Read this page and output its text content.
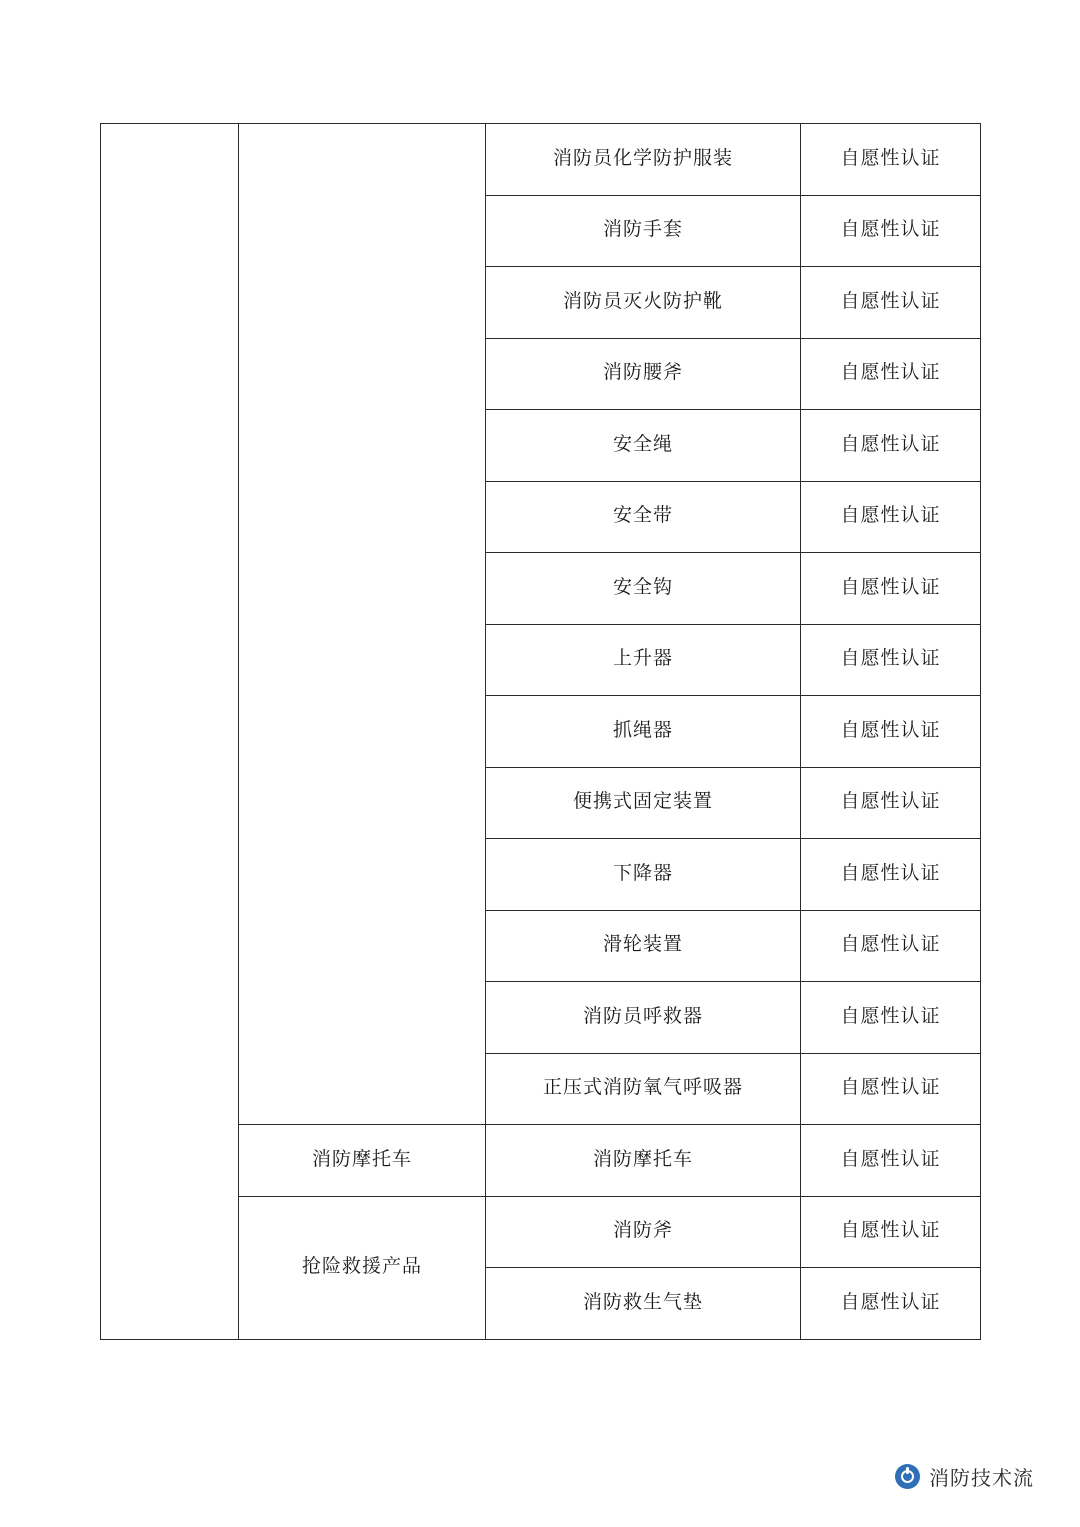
		消防员化学防护服装	自愿性认证
		消防手套	自愿性认证
		消防员灭火防护靴	自愿性认证
		消防腰斧	自愿性认证
		安全绳	自愿性认证
		安全带	自愿性认证
		安全钩	自愿性认证
		上升器	自愿性认证
		抓绳器	自愿性认证
		便携式固定装置	自愿性认证
		下降器	自愿性认证
		滑轮装置	自愿性认证
		消防员呼救器	自愿性认证
		正压式消防氧气呼吸器	自愿性认证
	消防摩托车	消防摩托车	自愿性认证
	抢险救援产品	消防斧	自愿性认证
		消防救生气垫	自愿性认证
消防技术流
